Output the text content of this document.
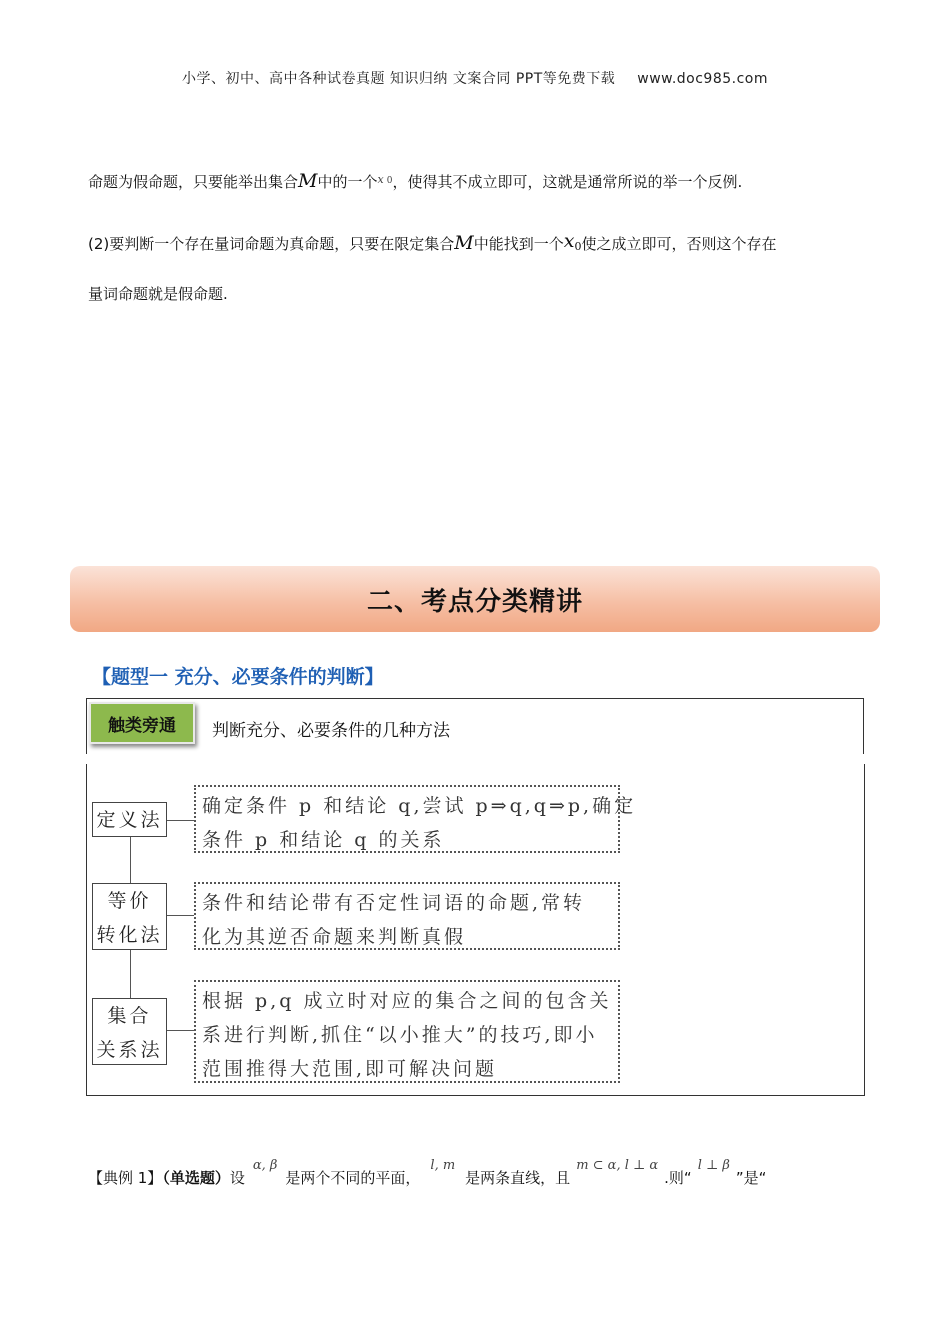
小学、初中、高中各种试卷真题 知识归纳 文案合同 PPT等免费下载 www.doc985.com
命题为假命题，只要能举出集合M中的一个$^{x 0}$，使得其不成立即可，这就是通常所说的举一个反例.
(2)要判断一个存在量词命题为真命题，只要在限定集合M中能找到一个$x_0$使之成立即可，否则这个存在
量词命题就是假命题.
二、考点分类精讲
【题型一 充分、必要条件的判断】
触类旁通	判断充分、必要条件的几种方法
定义法
确定条件 p 和结论 q,尝试 p⇒q,q⇒p,确定
条件 p 和结论 q 的关系
等价
转化法
条件和结论带有否定性词语的命题,常转
化为其逆否命题来判断真假
集合
关系法
根据 p,q 成立时对应的集合之间的包含关
系进行判断,抓住“以小推大”的技巧,即小
范围推得大范围,即可解决问题
【典例 1】（单选题）设α, β是两个不同的平面，l, m是两条直线，且m ⊂ α, l ⊥ α.则“l ⊥ β”是“
